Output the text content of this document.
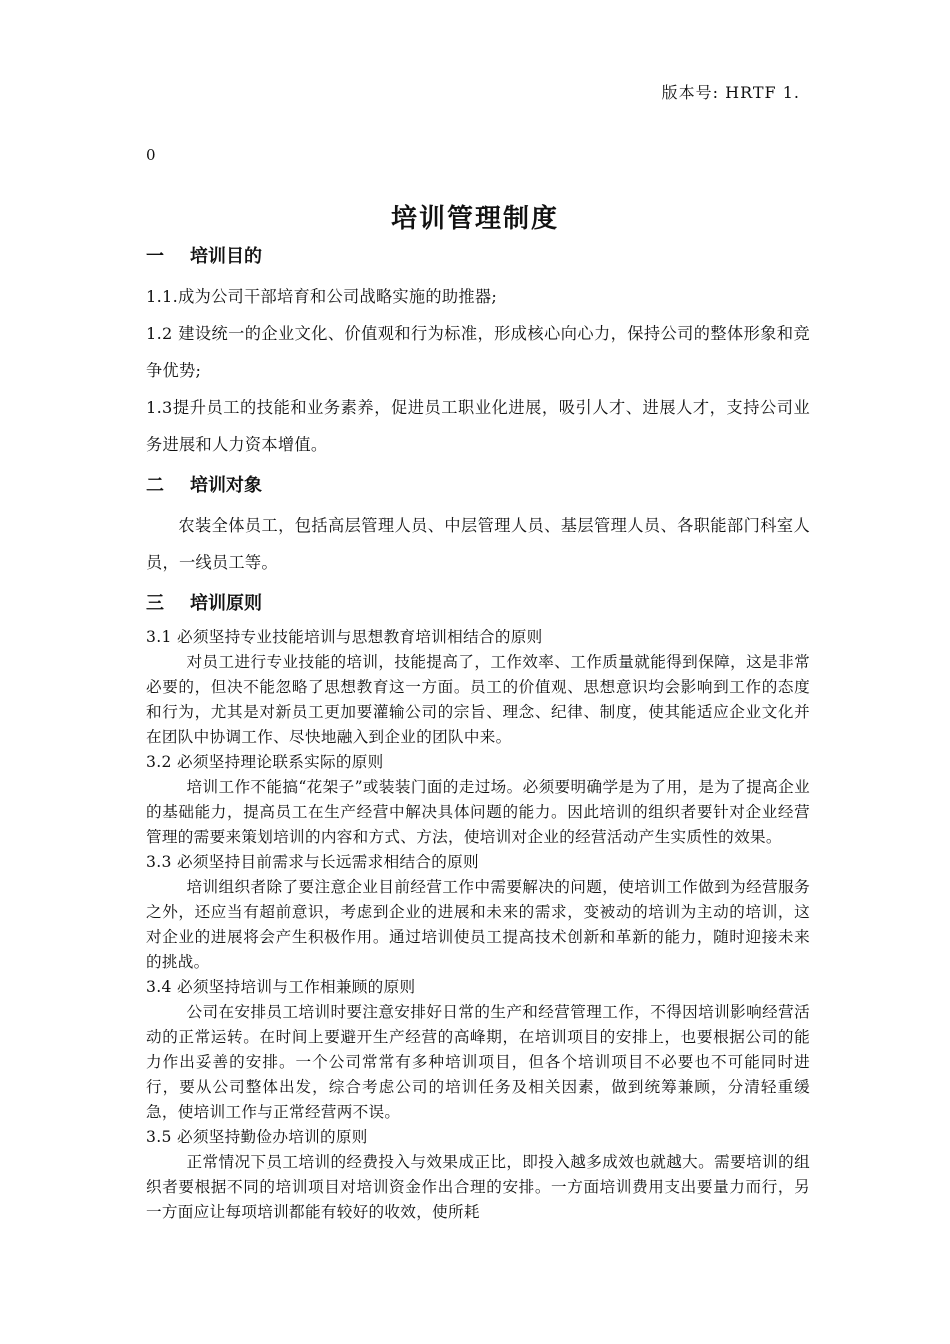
版本号: HRTF 1.
0
培训管理制度
一 培训目的

1.1.成为公司干部培育和公司战略实施的助推器;

1.2 建设统一的企业文化、价值观和行为标准，形成核心向心力，保持公司的整体形象和竞争优势;

1.3提升员工的技能和业务素养，促进员工职业化进展，吸引人才、进展人才，支持公司业务进展和人力资本增值。

二 培训对象

农装全体员工，包括高层管理人员、中层管理人员、基层管理人员、各职能部门科室人员，一线员工等。

三 培训原则

3.1 必须坚持专业技能培训与思想教育培训相结合的原则

对员工进行专业技能的培训，技能提高了，工作效率、工作质量就能得到保障，这是非常必要的，但决不能忽略了思想教育这一方面。员工的价值观、思想意识均会影响到工作的态度和行为，尤其是对新员工更加要灌输公司的宗旨、理念、纪律、制度，使其能适应企业文化并在团队中协调工作、尽快地融入到企业的团队中来。

3.2 必须坚持理论联系实际的原则

培训工作不能搞“花架子”或装装门面的走过场。必须要明确学是为了用，是为了提高企业的基础能力，提高员工在生产经营中解决具体问题的能力。因此培训的组织者要针对企业经营管理的需要来策划培训的内容和方式、方法，使培训对企业的经营活动产生实质性的效果。

3.3 必须坚持目前需求与长远需求相结合的原则

培训组织者除了要注意企业目前经营工作中需要解决的问题，使培训工作做到为经营服务之外，还应当有超前意识，考虑到企业的进展和未来的需求，变被动的培训为主动的培训，这对企业的进展将会产生积极作用。通过培训使员工提高技术创新和革新的能力，随时迎接未来的挑战。

3.4 必须坚持培训与工作相兼顾的原则

公司在安排员工培训时要注意安排好日常的生产和经营管理工作，不得因培训影响经营活动的正常运转。在时间上要避开生产经营的高峰期，在培训项目的安排上，也要根据公司的能力作出妥善的安排。一个公司常常有多种培训项目，但各个培训项目不必要也不可能同时进行，要从公司整体出发，综合考虑公司的培训任务及相关因素，做到统筹兼顾，分清轻重缓急，使培训工作与正常经营两不误。

3.5 必须坚持勤俭办培训的原则

正常情况下员工培训的经费投入与效果成正比，即投入越多成效也就越大。需要培训的组织者要根据不同的培训项目对培训资金作出合理的安排。一方面培训费用支出要量力而行，另一方面应让每项培训都能有较好的收效，使所耗
